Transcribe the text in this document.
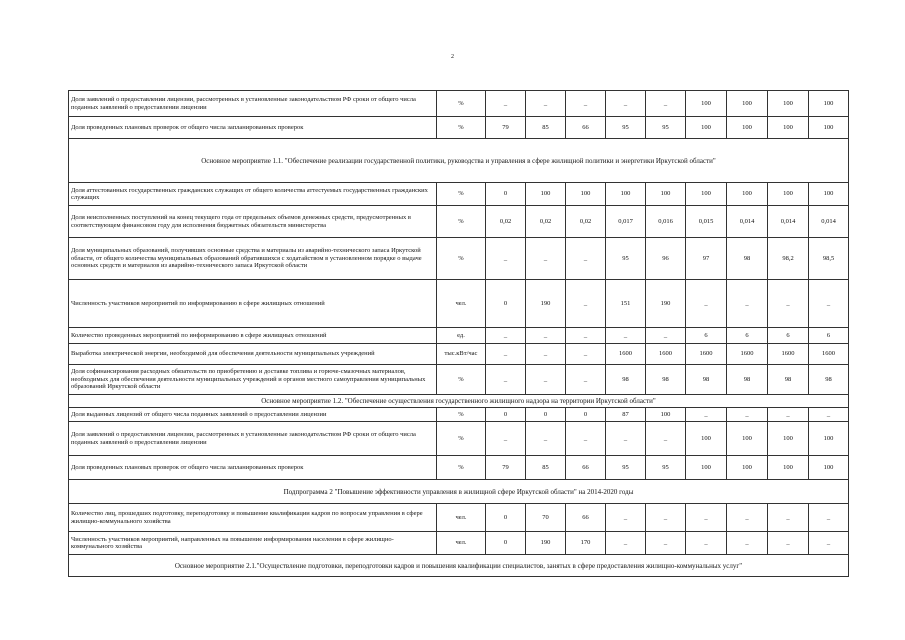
2
Доля заявлений о предоставлении лицензии, рассмотренных в установленные законодательством РФ сроки от общего числа поданных заявлений о предоставлении лицензии	%	_	_	_	_	_	100	100	100	100
Доля проведенных плановых проверок от общего числа запланированных проверок	%	79	85	66	95	95	100	100	100	100
Основное мероприятие 1.1. "Обеспечение реализации государственной политики, руководства и управления в сфере жилищной политики и энергетики Иркутской области"										
Доля аттестованных государственных гражданских служащих от общего количества аттестуемых государственных гражданских служащих	%	0	100	100	100	100	100	100	100	100
Доля неисполненных поступлений на конец текущего года от предельных объемов денежных средств, предусмотренных в соответствующем финансовом году для исполнения бюджетных обязательств министерства	%	0,02	0,02	0,02	0,017	0,016	0,015	0,014	0,014	0,014
Доля муниципальных образований, получивших основные средства и материалы из аварийно-технического запаса Иркутской области, от общего количества муниципальных образований обратившихся с ходатайством в установленном порядке о выдаче основных средств и материалов из аварийно-технического запаса Иркутской области	%	_	_	_	95	96	97	98	98,2	98,5
Численность участников мероприятий по информированию в сфере жилищных отношений	чел.	0	190	_	151	190	_	_	_	_
Количество проведенных мероприятий по информированию в сфере жилищных отношений	ед.	_	_	_	_	_	6	6	6	6
Выработка электрической энергии, необходимой для обеспечения деятельности муниципальных учреждений	тыс.кВт/час	_	_	_	1600	1600	1600	1600	1600	1600
Доля софинансирования расходных обязательств по приобретению и доставке топлива и горюче-смазочных материалов, необходимых для обеспечения деятельности муниципальных учреждений и органов местного самоуправления муниципальных образований Иркутской области	%	_	_	_	98	98	98	98	98	98
Основное мероприятие 1.2. "Обеспечение осуществления государственного жилищного надзора на территории Иркутской области"										
Доля выданных лицензий от общего числа поданных заявлений о предоставлении лицензии	%	0	0	0	87	100	_	_	_	_
Доля заявлений о предоставлении лицензии, рассмотренных в установленные законодательством РФ сроки от общего числа поданных заявлений о предоставлении лицензии	%	_	_	_	_	_	100	100	100	100
Доля проведенных плановых проверок от общего числа запланированных проверок	%	79	85	66	95	95	100	100	100	100
Подпрограмма 2 "Повышение эффективности управления в жилищной сфере Иркутской области" на 2014-2020 годы										
Количество лиц, прошедших подготовку, переподготовку и повышение квалификации кадров по вопросам управления в сфере жилищно-коммунального хозяйства	чел.	0	70	66	_	_	_	_	_	_
Численность участников мероприятий, направленных на повышение информирования населения в сфере жилищно-коммунального хозяйства	чел.	0	190	170	_	_	_	_	_	_
Основное мероприятие 2.1."Осуществление подготовки, переподготовки кадров и повышения квалификации специалистов, занятых в сфере предоставления жилищно-коммунальных услуг"										
